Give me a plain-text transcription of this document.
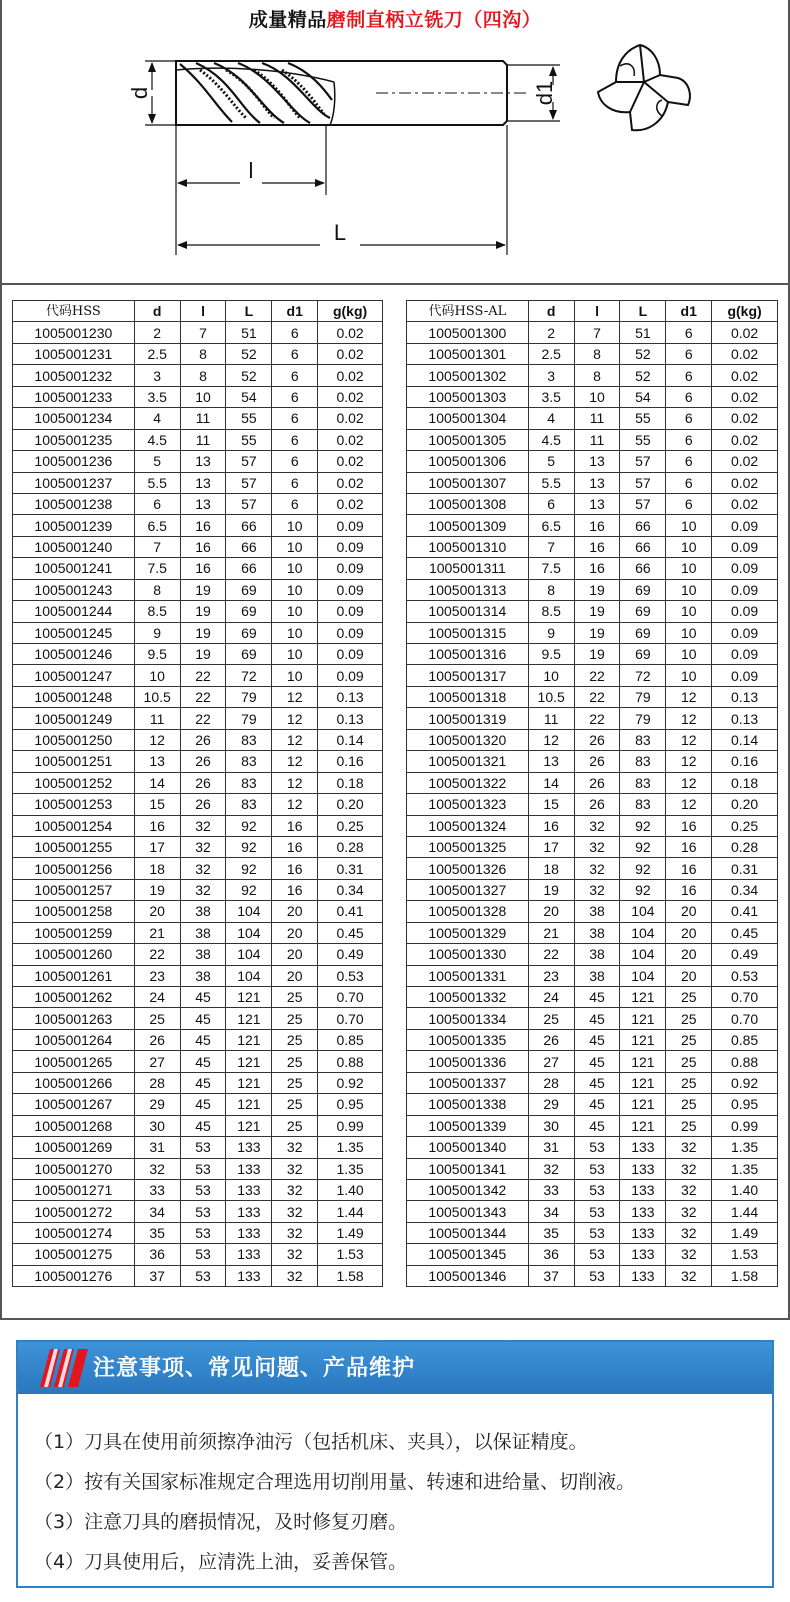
成量精品磨制直柄立铣刀（四沟）
d	d1
l
L
代码HSS	d	l	L	d1	g(kg)
1005001230	2	7	51	6	0.02
1005001231	2.5	8	52	6	0.02
1005001232	3	8	52	6	0.02
1005001233	3.5	10	54	6	0.02
1005001234	4	11	55	6	0.02
1005001235	4.5	11	55	6	0.02
1005001236	5	13	57	6	0.02
1005001237	5.5	13	57	6	0.02
1005001238	6	13	57	6	0.02
1005001239	6.5	16	66	10	0.09
1005001240	7	16	66	10	0.09
1005001241	7.5	16	66	10	0.09
1005001243	8	19	69	10	0.09
1005001244	8.5	19	69	10	0.09
1005001245	9	19	69	10	0.09
1005001246	9.5	19	69	10	0.09
1005001247	10	22	72	10	0.09
1005001248	10.5	22	79	12	0.13
1005001249	11	22	79	12	0.13
1005001250	12	26	83	12	0.14
1005001251	13	26	83	12	0.16
1005001252	14	26	83	12	0.18
1005001253	15	26	83	12	0.20
1005001254	16	32	92	16	0.25
1005001255	17	32	92	16	0.28
1005001256	18	32	92	16	0.31
1005001257	19	32	92	16	0.34
1005001258	20	38	104	20	0.41
1005001259	21	38	104	20	0.45
1005001260	22	38	104	20	0.49
1005001261	23	38	104	20	0.53
1005001262	24	45	121	25	0.70
1005001263	25	45	121	25	0.70
1005001264	26	45	121	25	0.85
1005001265	27	45	121	25	0.88
1005001266	28	45	121	25	0.92
1005001267	29	45	121	25	0.95
1005001268	30	45	121	25	0.99
1005001269	31	53	133	32	1.35
1005001270	32	53	133	32	1.35
1005001271	33	53	133	32	1.40
1005001272	34	53	133	32	1.44
1005001274	35	53	133	32	1.49
1005001275	36	53	133	32	1.53
1005001276	37	53	133	32	1.58
代码HSS-AL	d	l	L	d1	g(kg)
1005001300	2	7	51	6	0.02
1005001301	2.5	8	52	6	0.02
1005001302	3	8	52	6	0.02
1005001303	3.5	10	54	6	0.02
1005001304	4	11	55	6	0.02
1005001305	4.5	11	55	6	0.02
1005001306	5	13	57	6	0.02
1005001307	5.5	13	57	6	0.02
1005001308	6	13	57	6	0.02
1005001309	6.5	16	66	10	0.09
1005001310	7	16	66	10	0.09
1005001311	7.5	16	66	10	0.09
1005001313	8	19	69	10	0.09
1005001314	8.5	19	69	10	0.09
1005001315	9	19	69	10	0.09
1005001316	9.5	19	69	10	0.09
1005001317	10	22	72	10	0.09
1005001318	10.5	22	79	12	0.13
1005001319	11	22	79	12	0.13
1005001320	12	26	83	12	0.14
1005001321	13	26	83	12	0.16
1005001322	14	26	83	12	0.18
1005001323	15	26	83	12	0.20
1005001324	16	32	92	16	0.25
1005001325	17	32	92	16	0.28
1005001326	18	32	92	16	0.31
1005001327	19	32	92	16	0.34
1005001328	20	38	104	20	0.41
1005001329	21	38	104	20	0.45
1005001330	22	38	104	20	0.49
1005001331	23	38	104	20	0.53
1005001332	24	45	121	25	0.70
1005001334	25	45	121	25	0.70
1005001335	26	45	121	25	0.85
1005001336	27	45	121	25	0.88
1005001337	28	45	121	25	0.92
1005001338	29	45	121	25	0.95
1005001339	30	45	121	25	0.99
1005001340	31	53	133	32	1.35
1005001341	32	53	133	32	1.35
1005001342	33	53	133	32	1.40
1005001343	34	53	133	32	1.44
1005001344	35	53	133	32	1.49
1005001345	36	53	133	32	1.53
1005001346	37	53	133	32	1.58
注意事项、常见问题、产品维护
（1）刀具在使用前须擦净油污（包括机床、夹具），以保证精度。
（2）按有关国家标准规定合理选用切削用量、转速和进给量、切削液。
（3）注意刀具的磨损情况，及时修复刃磨。
（4）刀具使用后，应清洗上油，妥善保管。
